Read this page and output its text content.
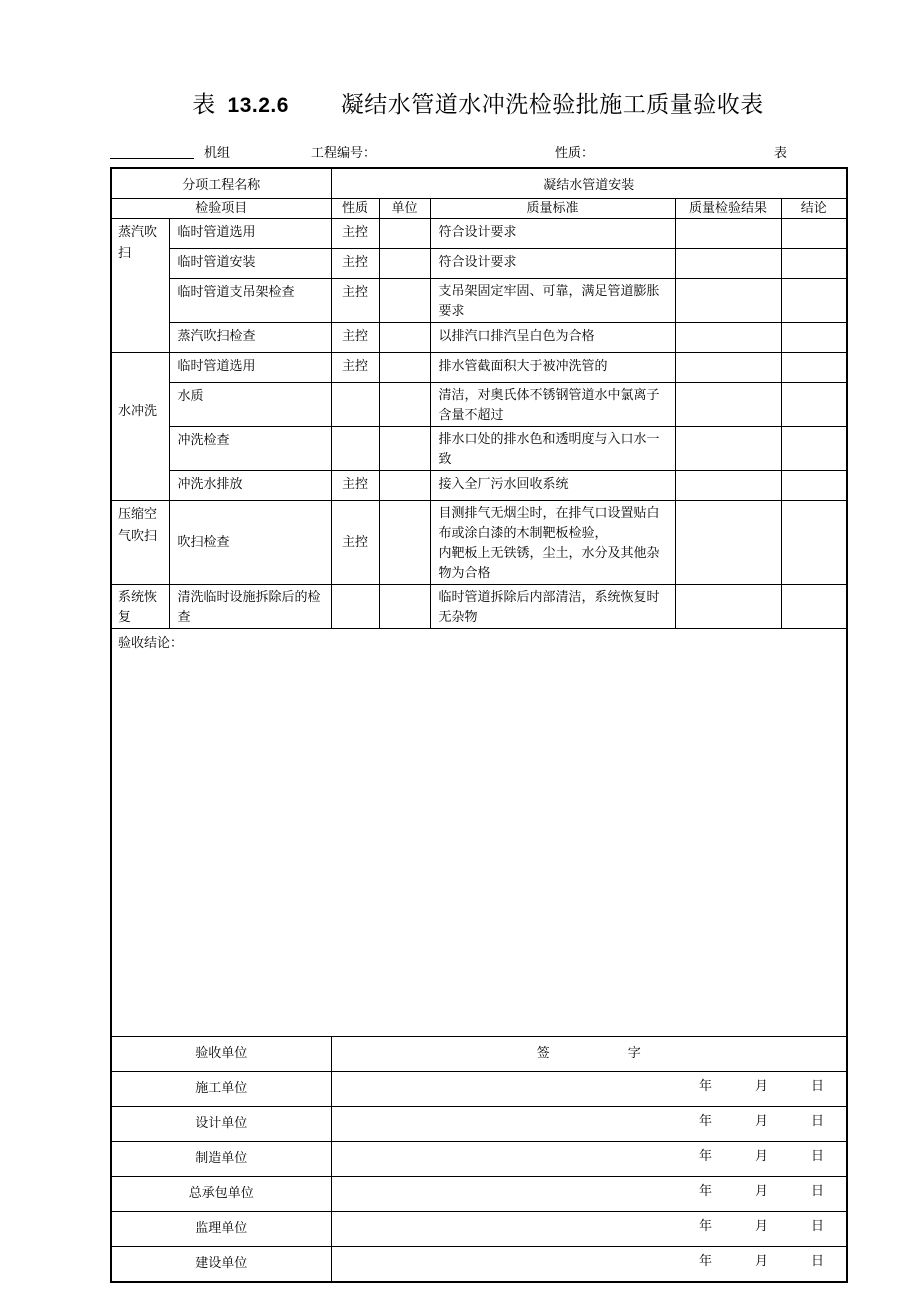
表 13.2.6 凝结水管道水冲洗检验批施工质量验收表
机组	工程编号：	性质：	表
分项工程名称		凝结水管道安装				
检验项目		性质	单位	质量标准	质量检验结果	结论
蒸汽吹扫	临时管道选用	主控		符合设计要求		
	临时管道安装	主控		符合设计要求		
	临时管道支吊架检查	主控		支吊架固定牢固、可靠，满足管道膨胀要求		
	蒸汽吹扫检查	主控		以排汽口排汽呈白色为合格		
水冲洗	临时管道选用	主控		排水管截面积大于被冲洗管的		
	水质			清洁，对奥氏体不锈钢管道水中氯离子含量不超过		
	冲洗检查			排水口处的排水色和透明度与入口水一致		
	冲洗水排放	主控		接入全厂污水回收系统		
压缩空气吹扫	吹扫检查	主控		目测排气无烟尘时，在排气口设置贴白布或涂白漆的木制靶板检验，
内靶板上无铁锈，尘土，水分及其他杂物为合格		

系统恢复	清洗临时设施拆除后的检查			临时管道拆除后内部清洁，系统恢复时无杂物		
验收结论：						
验收单位		签　　　　　　字				
施工单位		年 月 日				

设计单位		年 月 日				

制造单位		年 月 日				

总承包单位		年 月 日				

监理单位		年 月 日				

建设单位		年 月 日				
